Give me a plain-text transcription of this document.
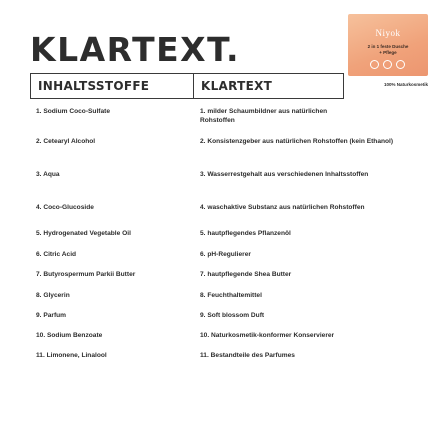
KLARTEXT.	Niyok
2 in 1 feste Dusche
+ Pflege
100% Naturkosmetik
INHALTSSTOFFE	KLARTEXT
1. Sodium Coco-Sulfate	1. milder Schaumbildner aus natürlichen Rohstoffen
2. Cetearyl Alcohol	2. Konsistenzgeber aus natürlichen Rohstoffen (kein Ethanol)
3. Aqua	3. Wasserrestgehalt aus verschiedenen Inhaltsstoffen
4. Coco-Glucoside	4. waschaktive Substanz aus natürlichen Rohstoffen
5. Hydrogenated Vegetable Oil	5. hautpflegendes Pflanzenöl
6. Citric Acid	6. pH-Regulierer
7. Butyrospermum Parkii Butter	7. hautpflegende Shea Butter
8. Glycerin	8. Feuchthaltemittel
9. Parfum	9. Soft blossom Duft
10. Sodium Benzoate	10. Naturkosmetik-konformer Konservierer
11. Limonene, Linalool	11. Bestandteile des Parfumes
